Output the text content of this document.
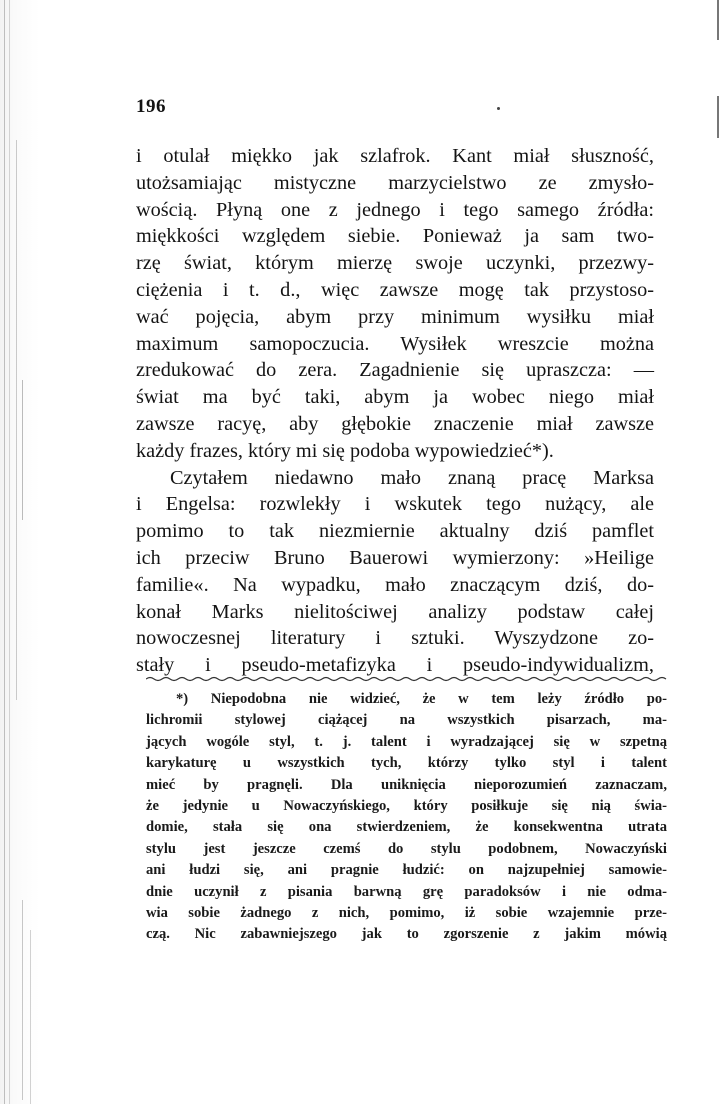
196
i otulał miękko jak szlafrok. Kant miał słuszność,
utożsamiając mistyczne marzycielstwo ze zmysło-
wością. Płyną one z jednego i tego samego źródła:
miękkości względem siebie. Ponieważ ja sam two-
rzę świat, którym mierzę swoje uczynki, przezwy-
ciężenia i t. d., więc zawsze mogę tak przystoso-
wać pojęcia, abym przy minimum wysiłku miał
maximum samopoczucia. Wysiłek wreszcie można
zredukować do zera. Zagadnienie się upraszcza: —
świat ma być taki, abym ja wobec niego miał
zawsze racyę, aby głębokie znaczenie miał zawsze
każdy frazes, który mi się podoba wypowiedzieć*).
Czytałem niedawno mało znaną pracę Marksa
i Engelsa: rozwlekły i wskutek tego nużący, ale
pomimo to tak niezmiernie aktualny dziś pamflet
ich przeciw Bruno Bauerowi wymierzony: »Heilige
familie«. Na wypadku, mało znaczącym dziś, do-
konał Marks nielitościwej analizy podstaw całej
nowoczesnej literatury i sztuki. Wyszydzone zo-
stały i pseudo-metafizyka i pseudo-indywidualizm,
*) Niepodobna nie widzieć, że w tem leży źródło po-
lichromii stylowej ciążącej na wszystkich pisarzach, ma-
jących wogóle styl, t. j. talent i wyradzającej się w szpetną
karykaturę u wszystkich tych, którzy tylko styl i talent
mieć by pragnęli. Dla uniknięcia nieporozumień zaznaczam,
że jedynie u Nowaczyńskiego, który posiłkuje się nią świa-
domie, stała się ona stwierdzeniem, że konsekwentna utrata
stylu jest jeszcze czemś do stylu podobnem, Nowaczyński
ani łudzi się, ani pragnie łudzić: on najzupełniej samowie-
dnie uczynił z pisania barwną grę paradoksów i nie odma-
wia sobie żadnego z nich, pomimo, iż sobie wzajemnie prze-
czą. Nic zabawniejszego jak to zgorszenie z jakim mówią
